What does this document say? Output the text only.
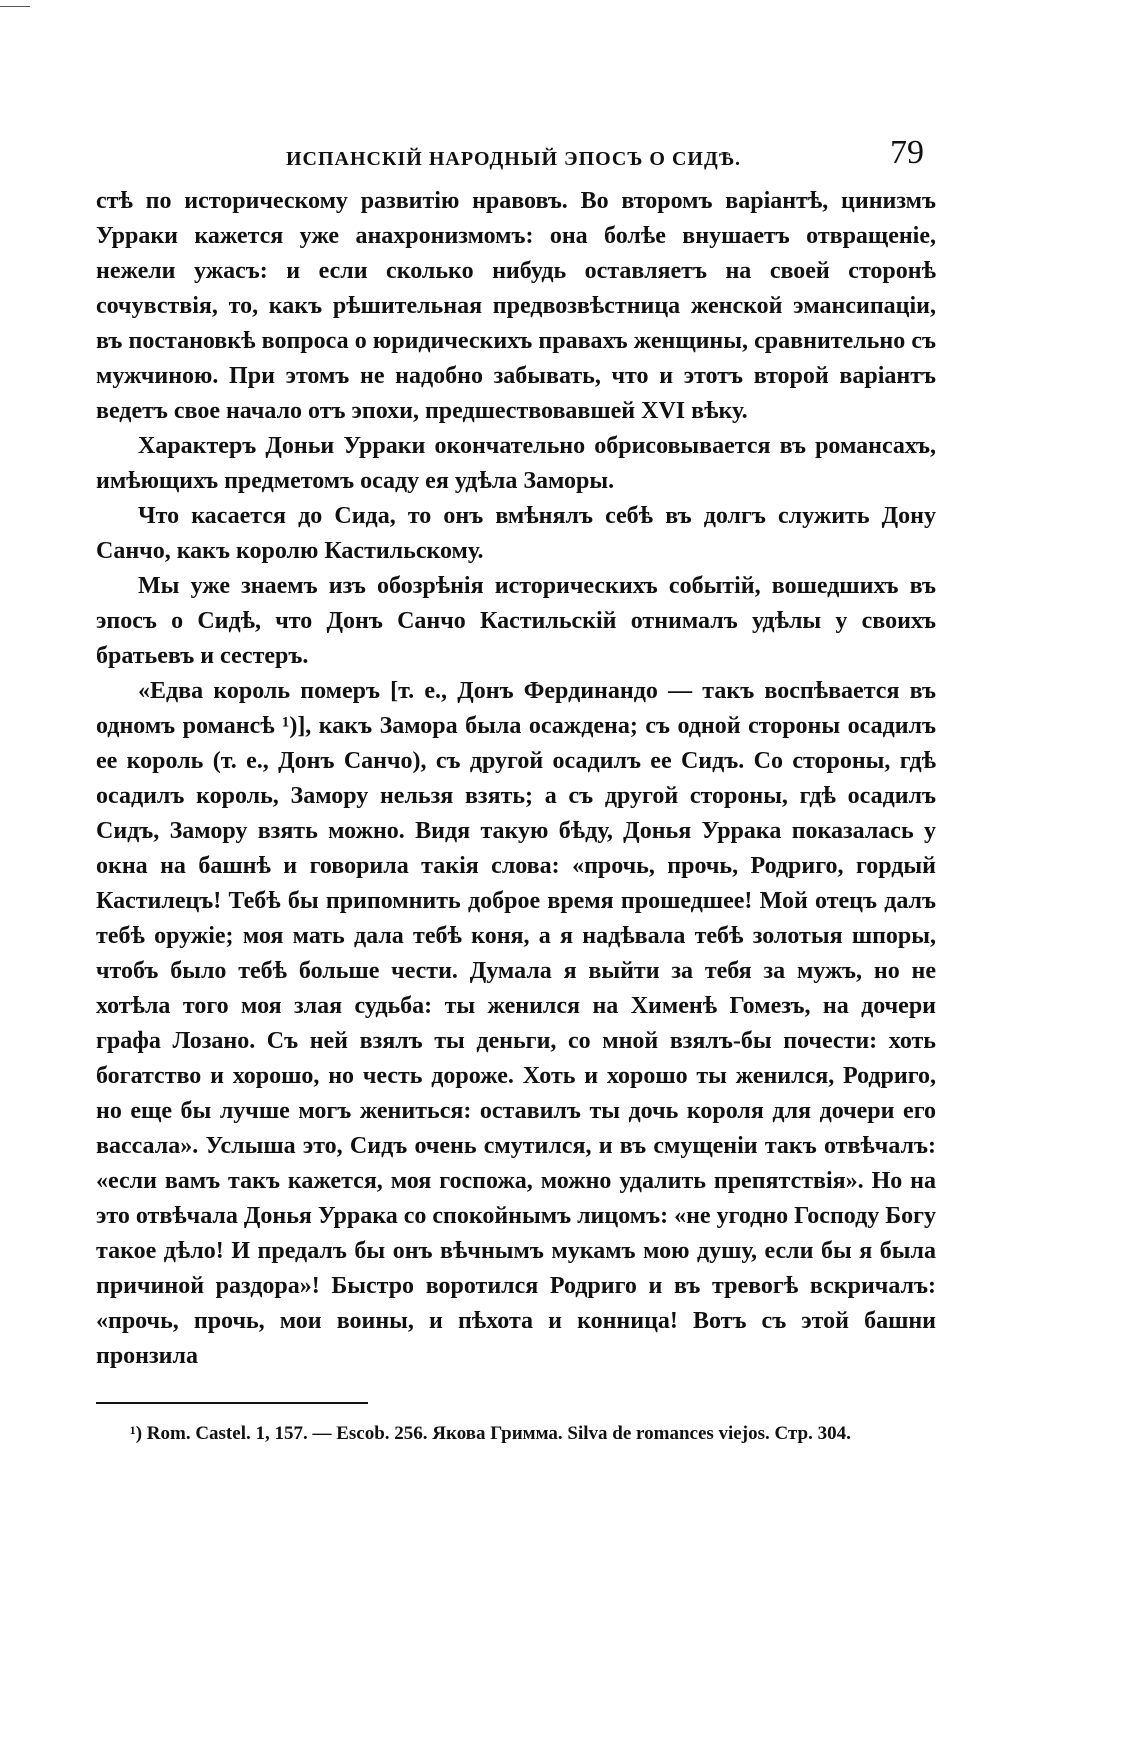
ИСПАНСКІЙ НАРОДНЫЙ ЭПОСЪ О СИДѢ.	79

стѣ по историческому развитію нравовъ. Во второмъ варіантѣ, цинизмъ Урраки кажется уже анахронизмомъ: она болѣе внушаетъ отвращеніе, нежели ужасъ: и если сколько нибудь оставляетъ на своей сторонѣ сочувствія, то, какъ рѣшительная предвозвѣстница женской эмансипаціи, въ постановкѣ вопроса о юридическихъ правахъ женщины, сравнительно съ мужчиною. При этомъ не надобно забывать, что и этотъ второй варіантъ ведетъ свое начало отъ эпохи, предшествовавшей XVI вѣку.

Характеръ Доньи Урраки окончательно обрисовывается въ романсахъ, имѣющихъ предметомъ осаду ея удѣла Заморы.

Что касается до Сида, то онъ вмѣнялъ себѣ въ долгъ служить Дону Санчо, какъ королю Кастильскому.

Мы уже знаемъ изъ обозрѣнія историческихъ событій, вошедшихъ въ эпосъ о Сидѣ, что Донъ Санчо Кастильскій отнималъ удѣлы у своихъ братьевъ и сестеръ.

«Едва король померъ [т. е., Донъ Фердинандо — такъ воспѣвается въ одномъ романсѣ ¹)], какъ Замора была осаждена; съ одной стороны осадилъ ее король (т. е., Донъ Санчо), съ другой осадилъ ее Сидъ. Со стороны, гдѣ осадилъ король, Замору нельзя взять; а съ другой стороны, гдѣ осадилъ Сидъ, Замору взять можно. Видя такую бѣду, Донья Уррака показалась у окна на башнѣ и говорила такія слова: «прочь, прочь, Родриго, гордый Кастилецъ! Тебѣ бы припомнить доброе время прошедшее! Мой отецъ далъ тебѣ оружіе; моя мать дала тебѣ коня, а я надѣвала тебѣ золотыя шпоры, чтобъ было тебѣ больше чести. Думала я выйти за тебя за мужъ, но не хотѣла того моя злая судьба: ты женился на Хименѣ Гомезъ, на дочери графа Лозано. Съ ней взялъ ты деньги, со мной взялъ-бы почести: хоть богатство и хорошо, но честь дороже. Хоть и хорошо ты женился, Родриго, но еще бы лучше могъ жениться: оставилъ ты дочь короля для дочери его вассала». Услыша это, Сидъ очень смутился, и въ смущеніи такъ отвѣчалъ: «если вамъ такъ кажется, моя госпожа, можно удалить препятствія». Но на это отвѣчала Донья Уррака со спокойнымъ лицомъ: «не угодно Господу Богу такое дѣло! И предалъ бы онъ вѣчнымъ мукамъ мою душу, если бы я была причиной раздора»! Быстро воротился Родриго и въ тревогѣ вскричалъ: «прочь, прочь, мои воины, и пѣхота и конница! Вотъ съ этой башни пронзила

¹) Rom. Castel. 1, 157. — Escob. 256. Якова Гримма. Silva de romances viejos. Стр. 304.
